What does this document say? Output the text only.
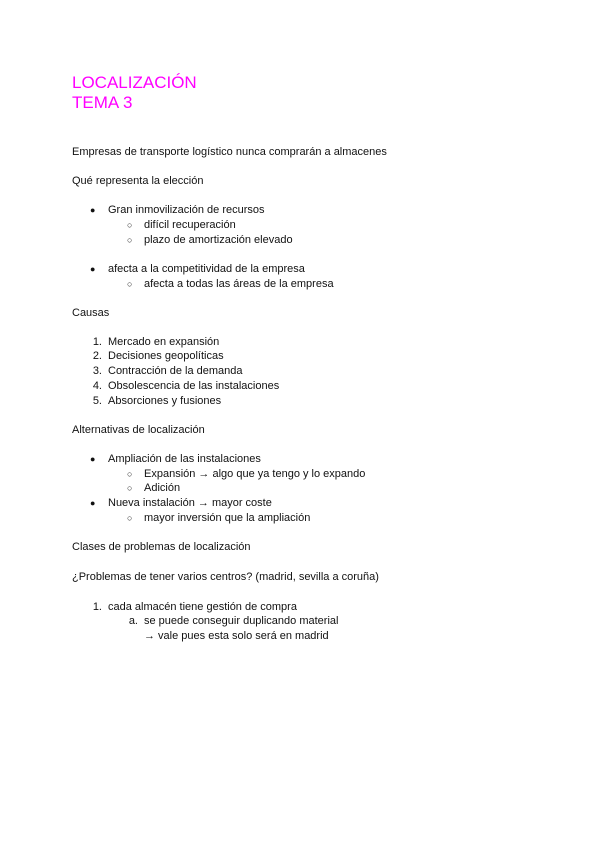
LOCALIZACIÓN
TEMA 3
Empresas de transporte logístico nunca comprarán a almacenes
Qué representa la elección
● Gran inmovilización de recursos
○ difícil recuperación
○ plazo de amortización elevado
● afecta a la competitividad de la empresa
○ afecta a todas las áreas de la empresa
Causas
1. Mercado en expansión
2. Decisiones geopolíticas
3. Contracción de la demanda
4. Obsolescencia de las instalaciones
5. Absorciones y fusiones
Alternativas de localización
● Ampliación de las instalaciones
○ Expansión → algo que ya tengo y lo expando
○ Adición
● Nueva instalación → mayor coste
○ mayor inversión que la ampliación
Clases de problemas de localización
¿Problemas de tener varios centros? (madrid, sevilla a coruña)
1. cada almacén tiene gestión de compra
a. se puede conseguir duplicando material
→ vale pues esta solo será en madrid
